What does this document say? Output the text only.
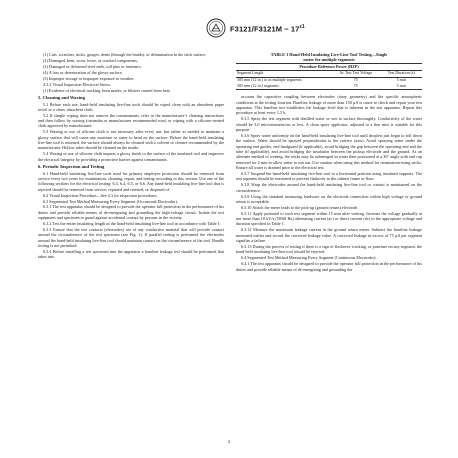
$F3121/F3121M - 17^{\varepsilon 1}$

(1) Cuts, scratches, nicks, gouges, dents (through the braids), or delamination in the stick surface,

(2) Damaged, bent, worn, loose, or cracked components,

(3) Damaged or deformed rivet ends, roll pins or fasteners,

(4) A loss or deterioration of the glossy surface,

(5) Improper storage or improper exposure to weather.

4.3.2 Visual Inspection Electrical Stress:

(1) Evidence of electrical tracking, burn marks, or blisters caused from heat.

5. Cleaning and Waxing

5.1 Before each use, hand-held insulating live-line tools should be wiped clean with an absorbent paper towel or a clean, absorbent cloth.

5.2 If simple wiping does not remove the contaminants, refer to the manufacturer’s cleaning instructions and then follow by waxing (carnauba or manufacturer recommended wax) or wiping with a silicone-treated cloth approved by manufacturer.

5.3 Waxing or use of silicone cloth is not necessary after every use, but rather as needed to maintain a glossy surface that will cause any moisture or water to bead on the surface. Before the hand-held insulating live-line tool is returned, the surface should always be cleaned with a solvent or cleaner recommended by the manufacturer. Hollow tubes should be cleaned on the inside.

5.4 Waxing or use of silicone cloth imparts a glossy finish to the surface of the insulated tool and improves the electrical integrity by providing a protective barrier against contaminants.

6. Periodic Inspection and Testing

6.1 Hand-held insulating live-line tools used for primary employee protection should be removed from service every two years for examination, cleaning, repair, and testing according to this section. Use one of the following sections for the electrical testing: 6.3, 6.4, 6.5, or 6.6. Any hand-held insulating live-line tool that is rejected should be removed from service, repaired and retested, or disposed of.

6.2 Visual Inspection Procedure—See 4.3 for inspection procedures.

6.3 Segmented Test Method Measuring Every Segment (Occasional Electrodes):

6.3.1 The test apparatus should be designed to provide the operator full protection in the performance of his duties and provide reliable means of de-energizing and grounding the high-voltage circuit. Isolate the test equipment and specimen to guard against accidental contact by persons in the vicinity.

6.3.2 Test the entire insulating length of the hand-held insulating live-line tool in accordance with Table 1.

6.3.3 Ensure that the test contacts (electrodes) are of any conductive material that will provide contact around the circumference of the test specimen (see Fig. 1). If parallel testing is performed the electrodes around the hand-held insulating live-line tool should maintain contact on the circumference of the tool. Bandle testing is not permitted.

6.3.4 Before installing a test specimen into the apparatus a baseline leakage test should be performed that takes into

TABLE 1 Hand-Held Insulating Live-Line Tool Testing—Single
meter for multiple segments
Procedure Reference Power (HZP)		
Segment Length	Ac Test Test Voltage	Test Duration (s)
305 mm (12 in.) to as multiple segments	75	5 min
305 mm (12 in.) segments	75	5 min

account the capacitive coupling between electrodes (stray geometry) and the specific atmospheric conditions at the testing location. Baseline leakage of more than 150 µA is cause to check and repair your test apparatus. This baseline test establishes the leakage level that is inherent in the test apparatus. Repeat this procedure at least every 1.5 h.

6.3.5 Spray the test segment with distilled water or wet to surface thoroughly. Conductivity of the water should be 3.0 microsiemens/cm or less. A clean spray applicator, adjusted to a fine mist is suitable for this purpose.

6.3.6 Spray water uniformly on the hand-held insulating live-line tool until droplets just begin to roll down the surface. Water should be sprayed perpendicular to the surface (axis). Avoid spraying water under the operating end guides, end hardguard (if applicable), avoid bridging the gap between the operating end and the tube (if applicable), and avoid bridging the insulation between the pickup electrode and the ground. As an alternate method of wetting, the sticks may be submerged in water then positioned at a 30° angle with end cap removed for 2 min to allow water to run out. Use caution when using this method for termination-using sticks. Ensure all water is drained prior to the electrical test.

6.3.7 Suspend the hand-held insulating live-line tool in a horizontal position using insulated supports. The test segment should be tensioned to prevent flashover to the cabinet frame or floor.

6.3.8 Wrap the electrodes around the hand-held insulating live-line tool or contact is maintained on the circumference.

6.3.9 Using the standard measuring hardware on the electrode connection within high voltage or ground return is acceptable.

6.3.10 Attach the meter leads to the pick-up (ground return) electrode.

6.3.11 Apply potential to each test segment within 15 min after wetting. Increase the voltage gradually at not more than 10 kV/s (50/60 Hz) alternating current (ac) or direct current (dc) to the appropriate voltage and duration specified in Table 1.

6.3.12 Measure the maximum leakage current in the ground return meter. Subtract the baseline leakage measured earlier and record the corrected leakage value. A corrected leakage in excess of 75 µA per segment signifies a failure.

6.3.13 During the process of testing if there is a sign of flashover, tracking, or puncture on any segment, the hand-held insulating live-line tool should be rejected.

6.4 Segmented Test Method Measuring Every Segment (Continuous Electrodes):

6.4.1 The test apparatus should be designed to provide the operator full protection in the performance of his duties and provide reliable means of de-energizing and grounding the

2
